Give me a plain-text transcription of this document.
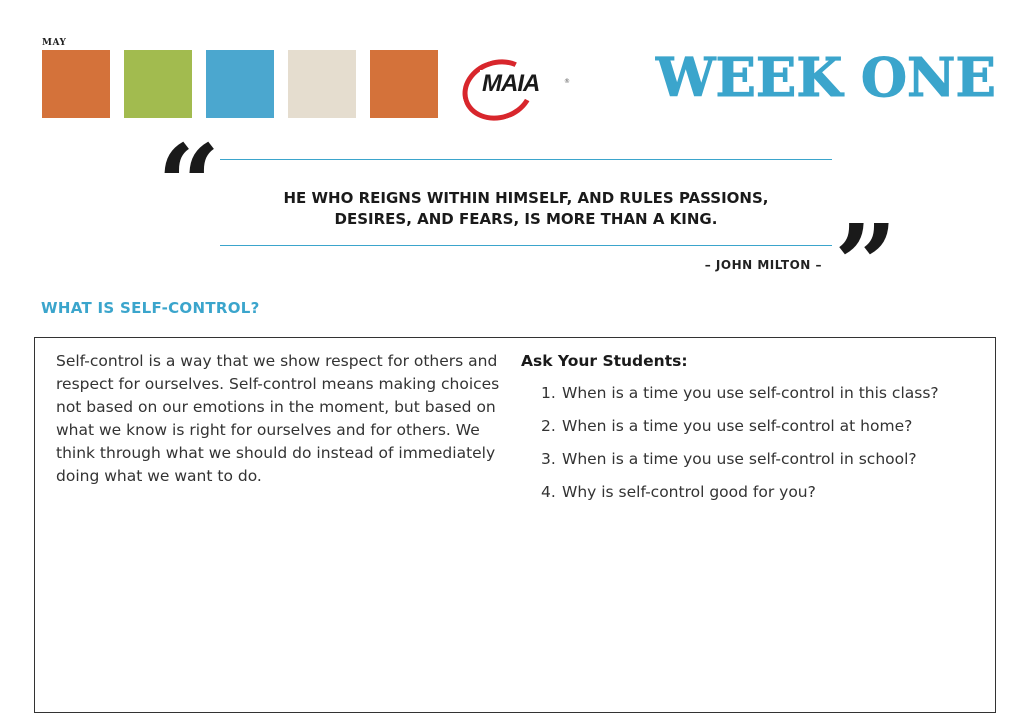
MAY
MAIA	® WEEK ONE
“	HE WHO REIGNS WITHIN HIMSELF, AND RULES PASSIONS,
DESIRES, AND FEARS, IS MORE THAN A KING.	”
– JOHN MILTON –
WHAT IS SELF-CONTROL?

Self-control is a way that we show respect for others and respect for ourselves. Self-control means making choices not based on our emotions in the moment, but based on what we know is right for ourselves and for others. We think through what we should do instead of immediately doing what we want to do.

Ask Your Students:
1. When is a time you use self-control in this class?
2. When is a time you use self-control at home?
3. When is a time you use self-control in school?
4. Why is self-control good for you?
